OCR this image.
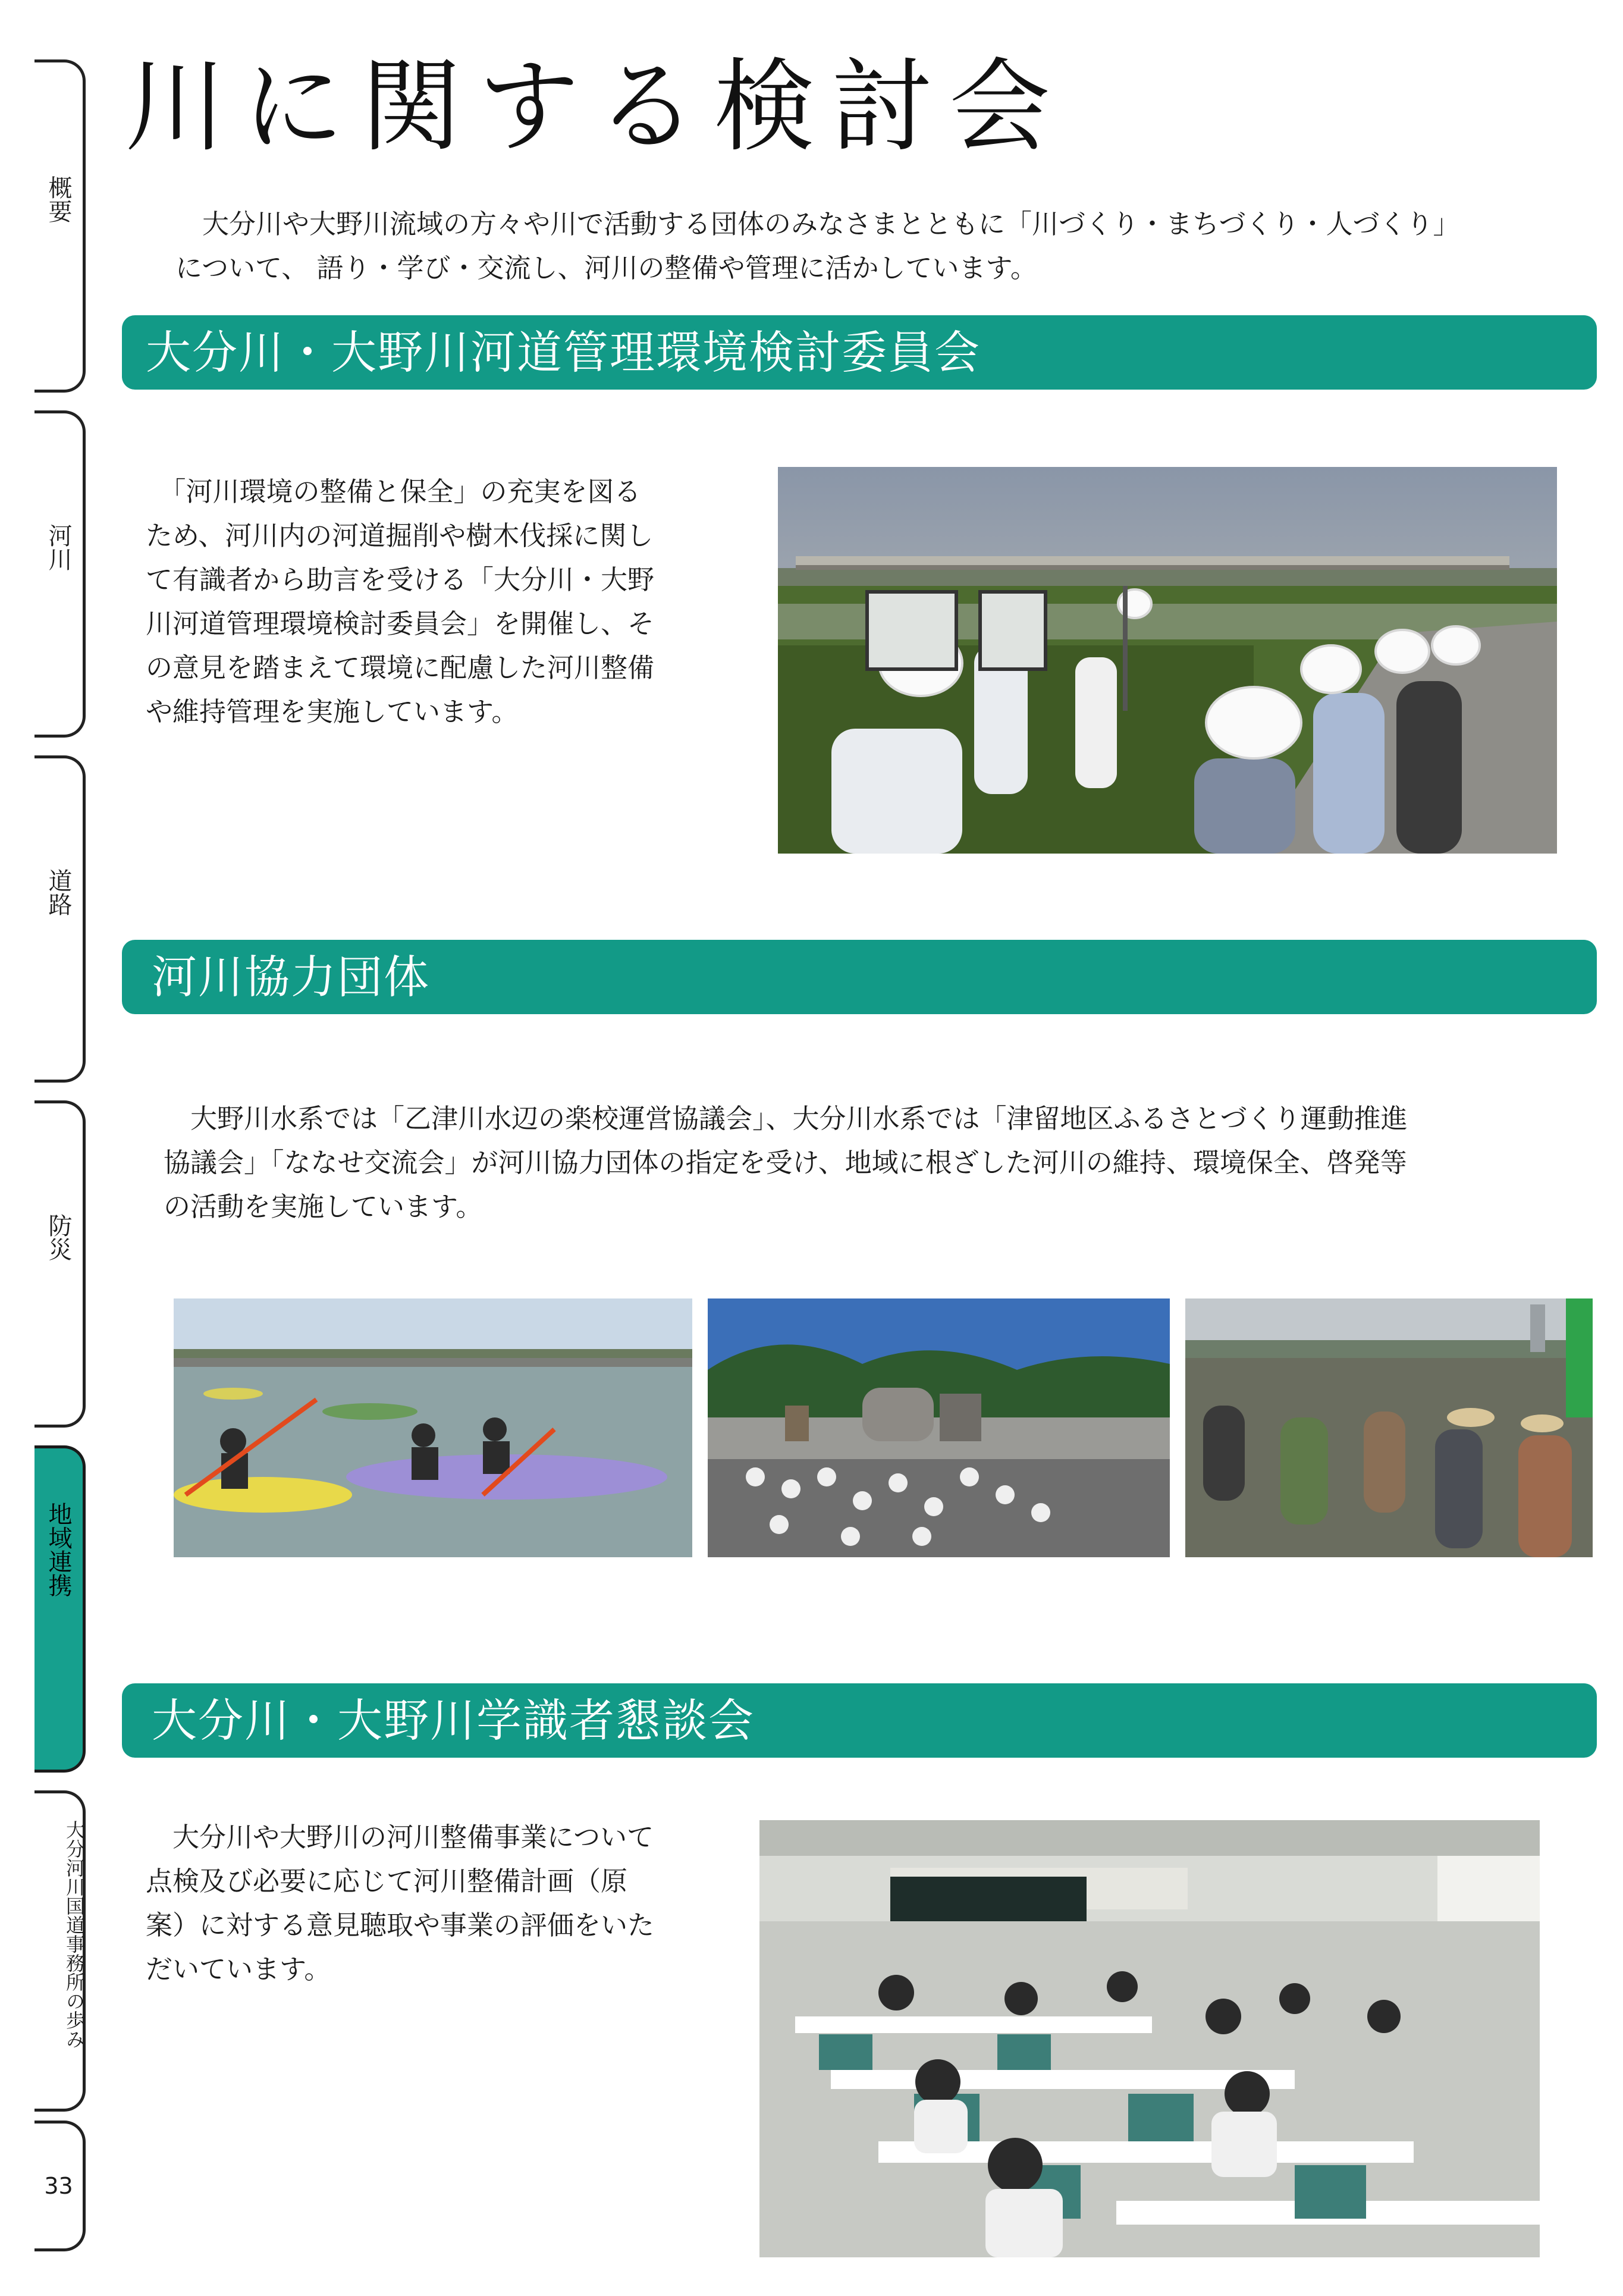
概要
河川
道路
防災
地域連携
大分河川国道事務所の歩み
33
川に関する検討会
　大分川や大野川流域の方々や川で活動する団体のみなさまとともに「川づくり・まちづくり・人づくり」
について、 語り・学び・交流し、河川の整備や管理に活かしています。
大分川・大野川河道管理環境検討委員会
　「河川環境の整備と保全」の充実を図る
ため、河川内の河道掘削や樹木伐採に関し
て有識者から助言を受ける「大分川・大野
川河道管理環境検討委員会」を開催し、そ
の意見を踏まえて環境に配慮した河川整備
や維持管理を実施しています。
河川協力団体
　大野川水系では「乙津川水辺の楽校運営協議会」、大分川水系では「津留地区ふるさとづくり運動推進
協議会」「ななせ交流会」が河川協力団体の指定を受け、地域に根ざした河川の維持、環境保全、啓発等
の活動を実施しています。
大分川・大野川学識者懇談会
　大分川や大野川の河川整備事業について
点検及び必要に応じて河川整備計画（原
案）に対する意見聴取や事業の評価をいた
だいています。
